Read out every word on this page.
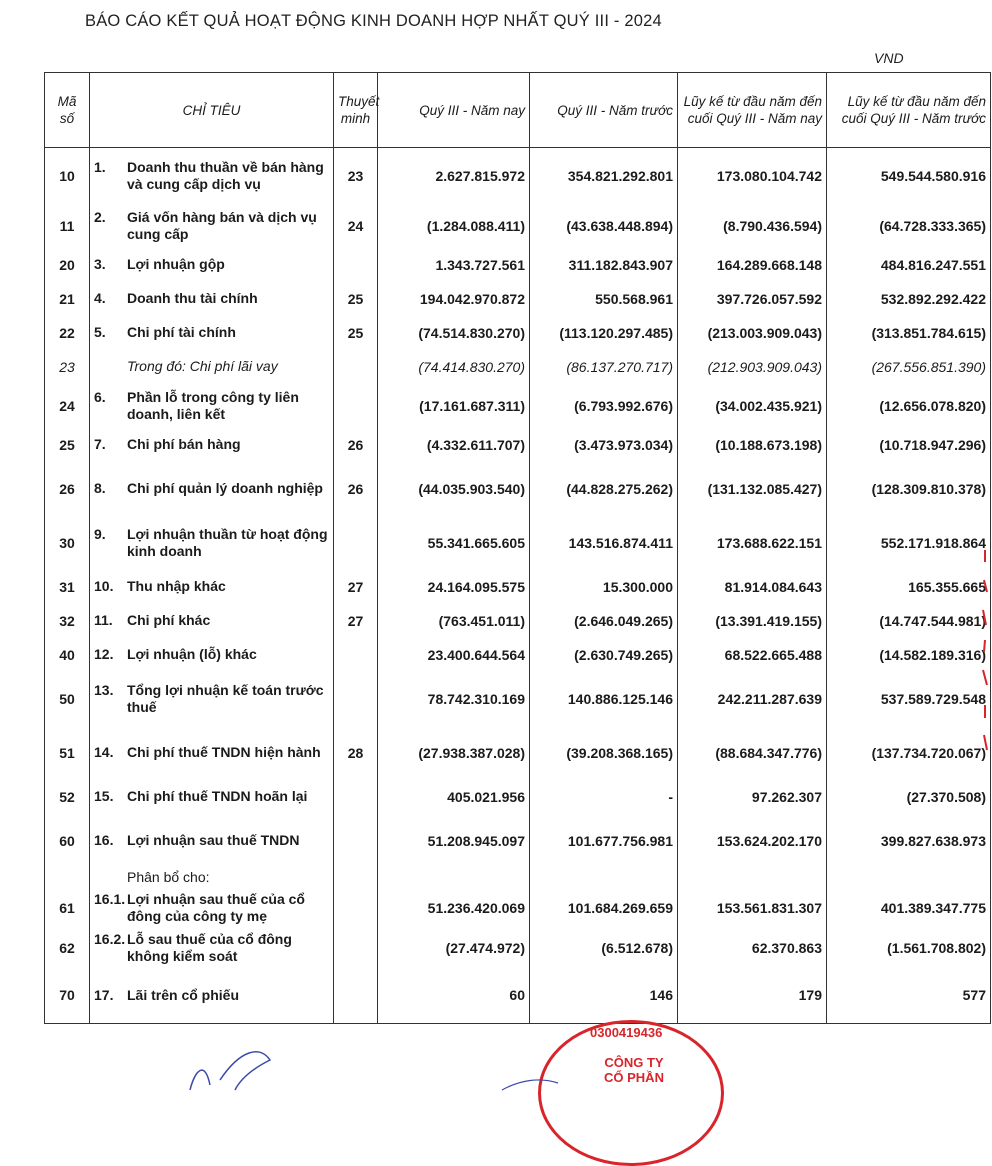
BÁO CÁO KẾT QUẢ HOẠT ĐỘNG KINH DOANH HỢP NHẤT QUÝ III - 2024
VND
Mã số	CHỈ TIÊU	Thuyết minh	Quý III - Năm nay	Quý III - Năm trước	Lũy kế từ đầu năm đến cuối Quý III - Năm nay	Lũy kế từ đầu năm đến cuối Quý III - Năm trước
10	1. Doanh thu thuần về bán hàng và cung cấp dịch vụ	23	2.627.815.972	354.821.292.801	173.080.104.742	549.544.580.916
11	2. Giá vốn hàng bán và dịch vụ cung cấp	24	(1.284.088.411)	(43.638.448.894)	(8.790.436.594)	(64.728.333.365)
20	3. Lợi nhuận gộp		1.343.727.561	311.182.843.907	164.289.668.148	484.816.247.551
21	4. Doanh thu tài chính	25	194.042.970.872	550.568.961	397.726.057.592	532.892.292.422
22	5. Chi phí tài chính	25	(74.514.830.270)	(113.120.297.485)	(213.003.909.043)	(313.851.784.615)
23	Trong đó: Chi phí lãi vay		(74.414.830.270)	(86.137.270.717)	(212.903.909.043)	(267.556.851.390)
24	6. Phần lỗ trong công ty liên doanh, liên kết		(17.161.687.311)	(6.793.992.676)	(34.002.435.921)	(12.656.078.820)
25	7. Chi phí bán hàng	26	(4.332.611.707)	(3.473.973.034)	(10.188.673.198)	(10.718.947.296)
26	8. Chi phí quản lý doanh nghiệp	26	(44.035.903.540)	(44.828.275.262)	(131.132.085.427)	(128.309.810.378)
30	9. Lợi nhuận thuần từ hoạt động kinh doanh		55.341.665.605	143.516.874.411	173.688.622.151	552.171.918.864
31	10. Thu nhập khác	27	24.164.095.575	15.300.000	81.914.084.643	165.355.665
32	11. Chi phí khác	27	(763.451.011)	(2.646.049.265)	(13.391.419.155)	(14.747.544.981)
40	12. Lợi nhuận (lỗ) khác		23.400.644.564	(2.630.749.265)	68.522.665.488	(14.582.189.316)
50	13. Tổng lợi nhuận kế toán trước thuế		78.742.310.169	140.886.125.146	242.211.287.639	537.589.729.548
51	14. Chi phí thuế TNDN hiện hành	28	(27.938.387.028)	(39.208.368.165)	(88.684.347.776)	(137.734.720.067)
52	15. Chi phí thuế TNDN hoãn lại		405.021.956	-	97.262.307	(27.370.508)
60	16. Lợi nhuận sau thuế TNDN		51.208.945.097	101.677.756.981	153.624.202.170	399.827.638.973

	Phân bổ cho:					

61	16.1. Lợi nhuận sau thuế của cổ đông của công ty mẹ		51.236.420.069	101.684.269.659	153.561.831.307	401.389.347.775
62	16.2. Lỗ sau thuế của cổ đông không kiểm soát		(27.474.972)	(6.512.678)	62.370.863	(1.561.708.802)
70	17. Lãi trên cổ phiếu		60	146	179	577
0300419436
CÔNG TY
CỔ PHẦN
